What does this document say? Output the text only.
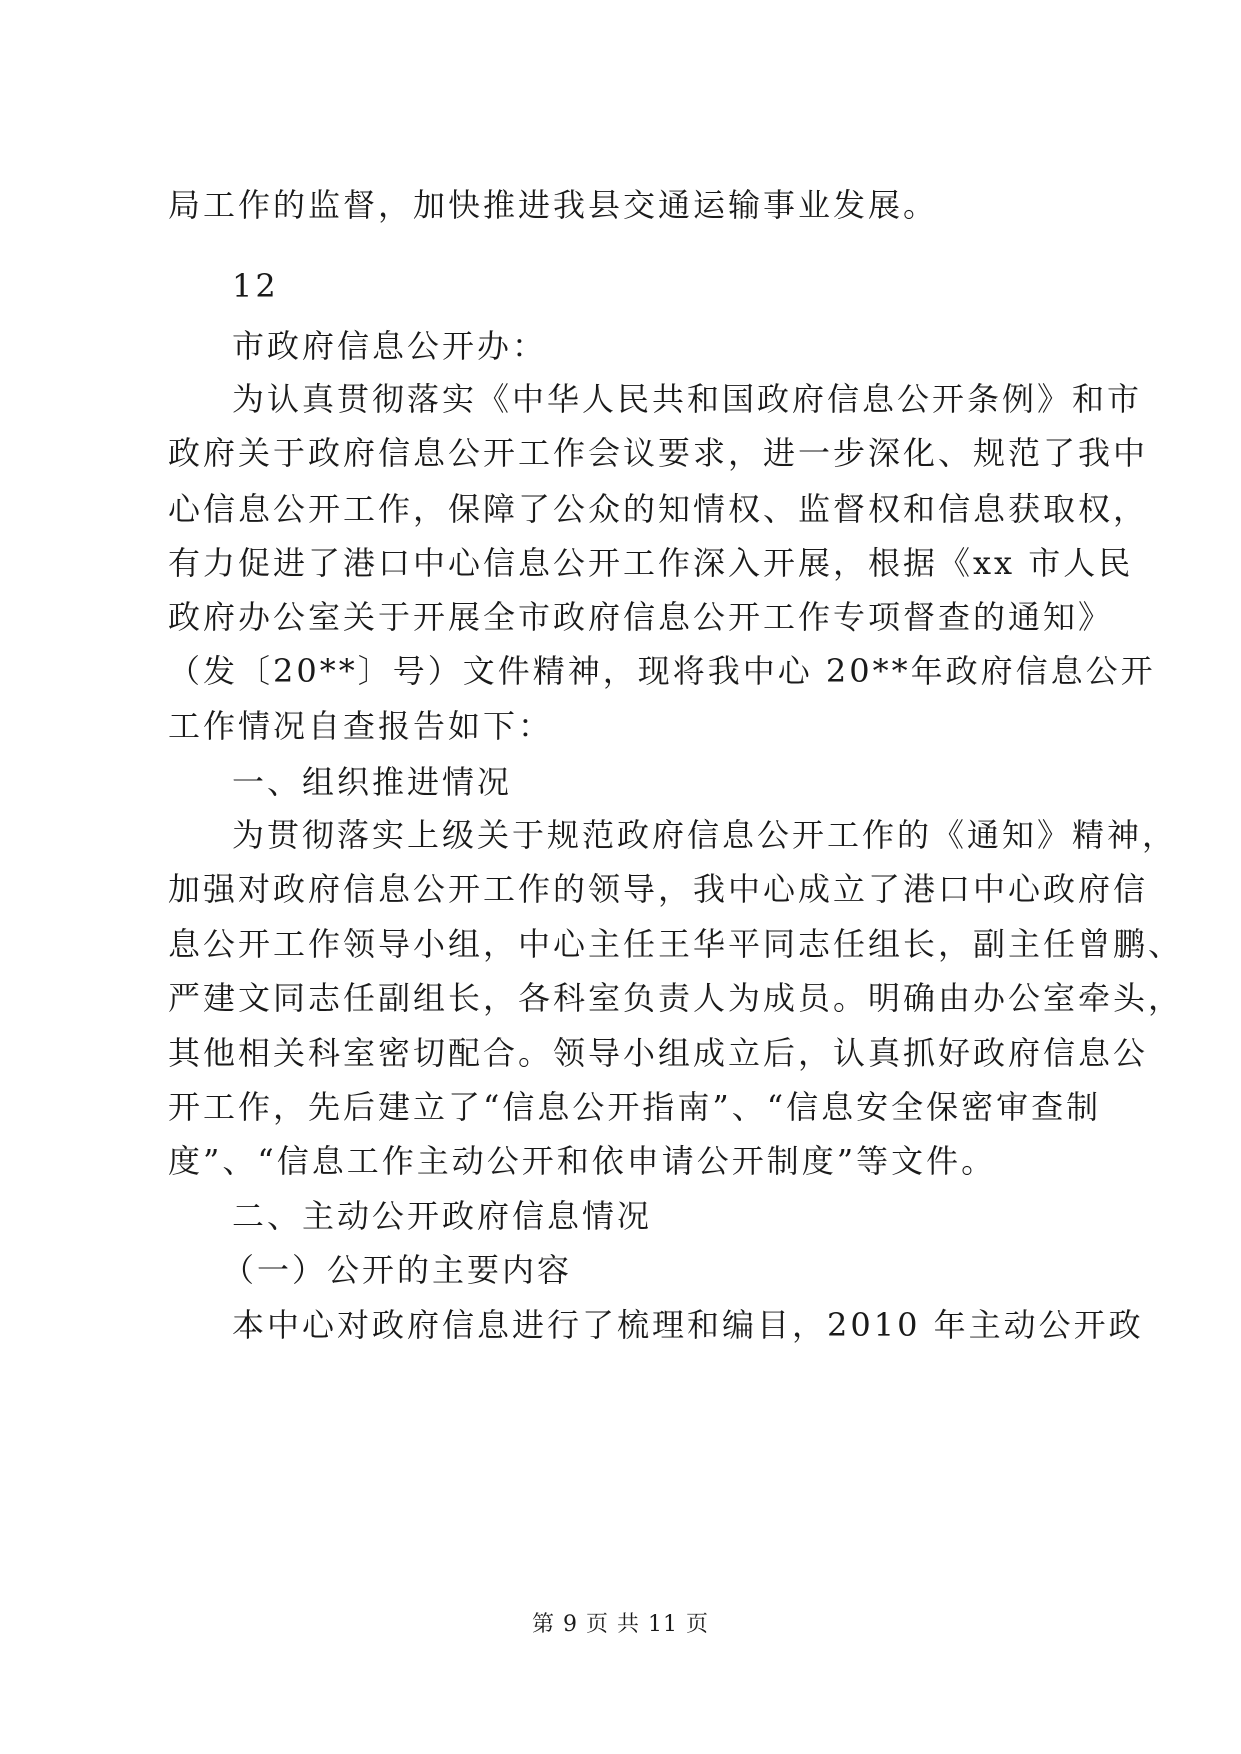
局工作的监督，加快推进我县交通运输事业发展。
12
市政府信息公开办：
为认真贯彻落实《中华人民共和国政府信息公开条例》和市
政府关于政府信息公开工作会议要求，进一步深化、规范了我中
心信息公开工作，保障了公众的知情权、监督权和信息获取权，
有力促进了港口中心信息公开工作深入开展，根据《xx 市人民
政府办公室关于开展全市政府信息公开工作专项督查的通知》
（发〔20**〕号）文件精神，现将我中心 20**年政府信息公开
工作情况自查报告如下：
一、组织推进情况
为贯彻落实上级关于规范政府信息公开工作的《通知》精神，
加强对政府信息公开工作的领导，我中心成立了港口中心政府信
息公开工作领导小组，中心主任王华平同志任组长，副主任曾鹏、
严建文同志任副组长，各科室负责人为成员。明确由办公室牵头，
其他相关科室密切配合。领导小组成立后，认真抓好政府信息公
开工作，先后建立了“信息公开指南”、“信息安全保密审查制
度”、“信息工作主动公开和依申请公开制度”等文件。
二、主动公开政府信息情况
（一）公开的主要内容
本中心对政府信息进行了梳理和编目，2010 年主动公开政
第 9 页 共 11 页
